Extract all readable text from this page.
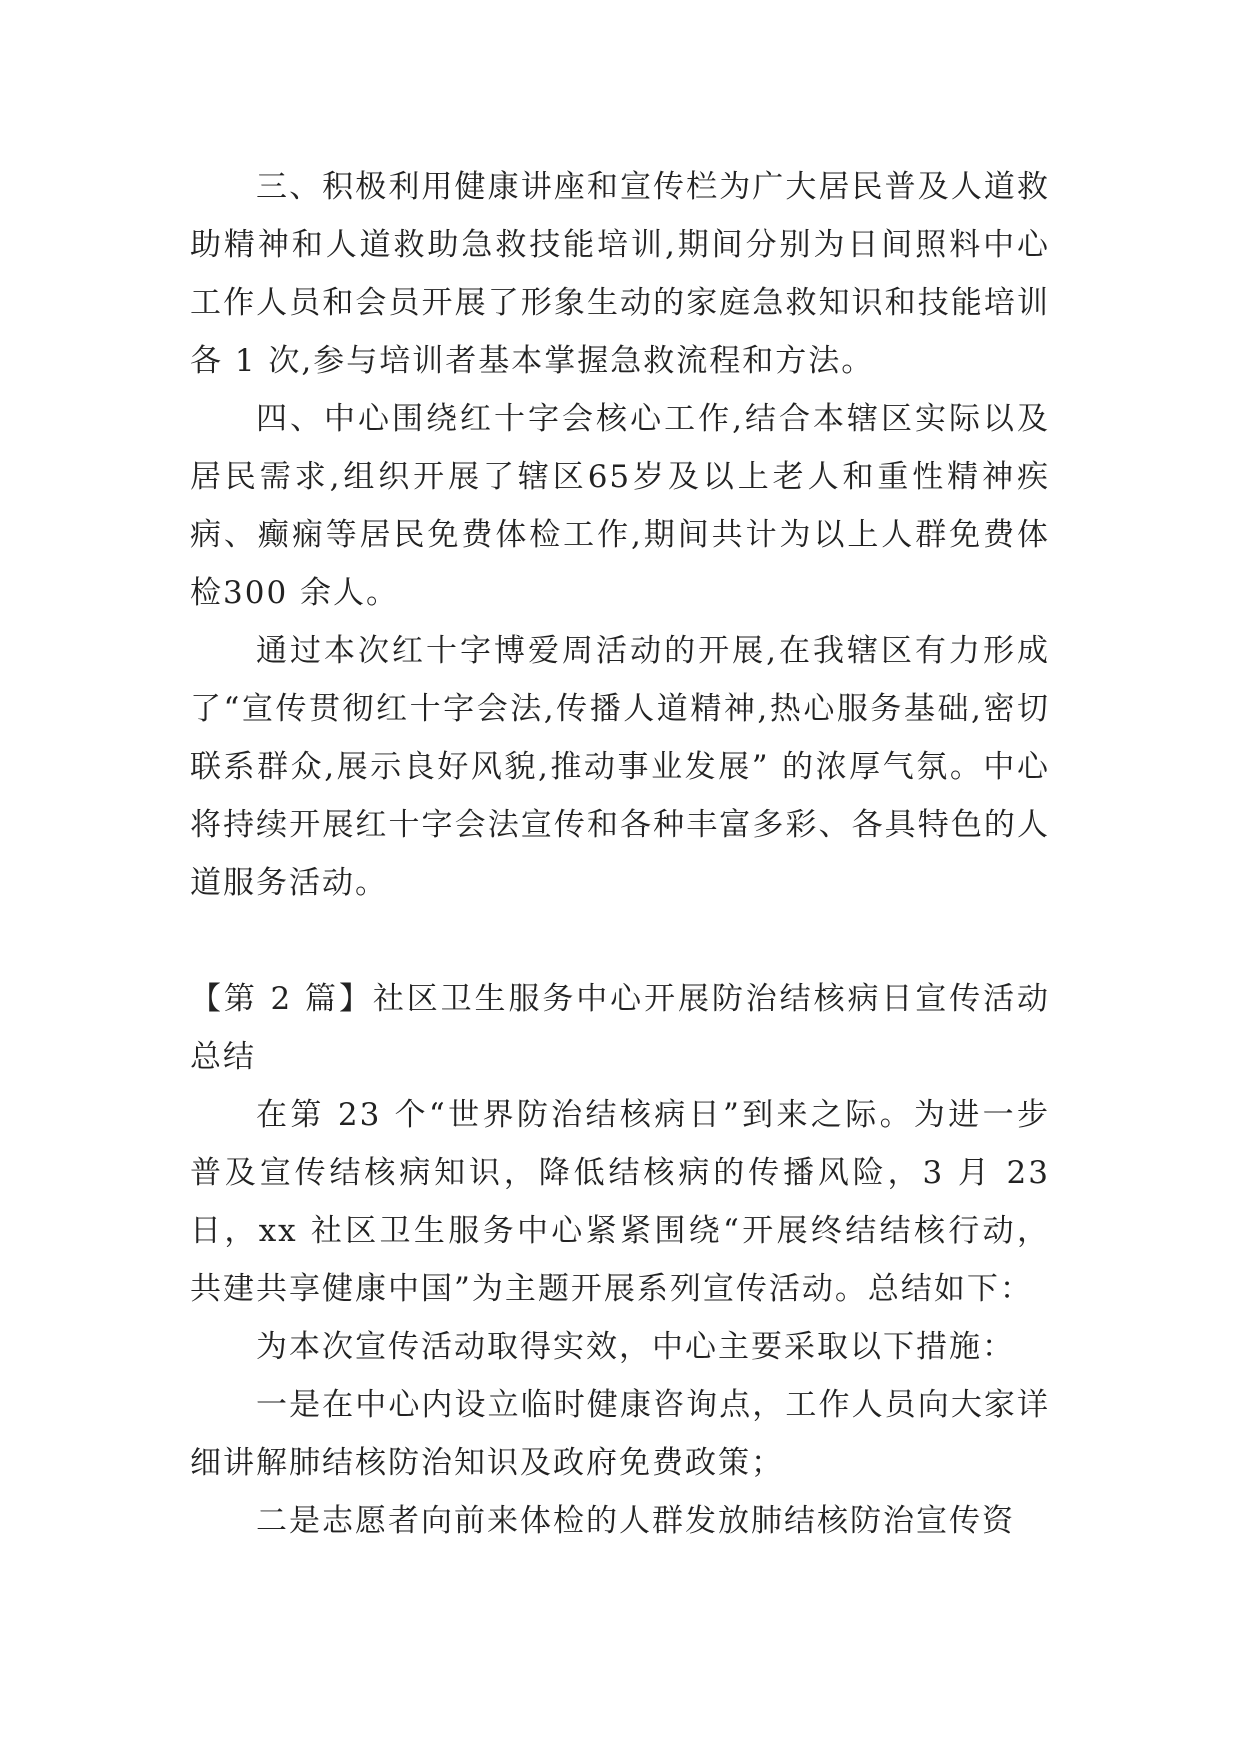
三、积极利用健康讲座和宣传栏为广大居民普及人道救助精神和人道救助急救技能培训,期间分别为日间照料中心工作人员和会员开展了形象生动的家庭急救知识和技能培训各 1 次,参与培训者基本掌握急救流程和方法。

四、中心围绕红十字会核心工作,结合本辖区实际以及居民需求,组织开展了辖区65岁及以上老人和重性精神疾病、癫痫等居民免费体检工作,期间共计为以上人群免费体检300 余人。

通过本次红十字博爱周活动的开展,在我辖区有力形成了“宣传贯彻红十字会法,传播人道精神,热心服务基础,密切联系群众,展示良好风貌,推动事业发展” 的浓厚气氛。中心将持续开展红十字会法宣传和各种丰富多彩、各具特色的人道服务活动。

【第 2 篇】社区卫生服务中心开展防治结核病日宣传活动总结

在第 23 个“世界防治结核病日”到来之际。为进一步普及宣传结核病知识，降低结核病的传播风险，3 月 23 日，xx 社区卫生服务中心紧紧围绕“开展终结结核行动，共建共享健康中国”为主题开展系列宣传活动。总结如下：

为本次宣传活动取得实效，中心主要采取以下措施：

一是在中心内设立临时健康咨询点，工作人员向大家详细讲解肺结核防治知识及政府免费政策；

二是志愿者向前来体检的人群发放肺结核防治宣传资
